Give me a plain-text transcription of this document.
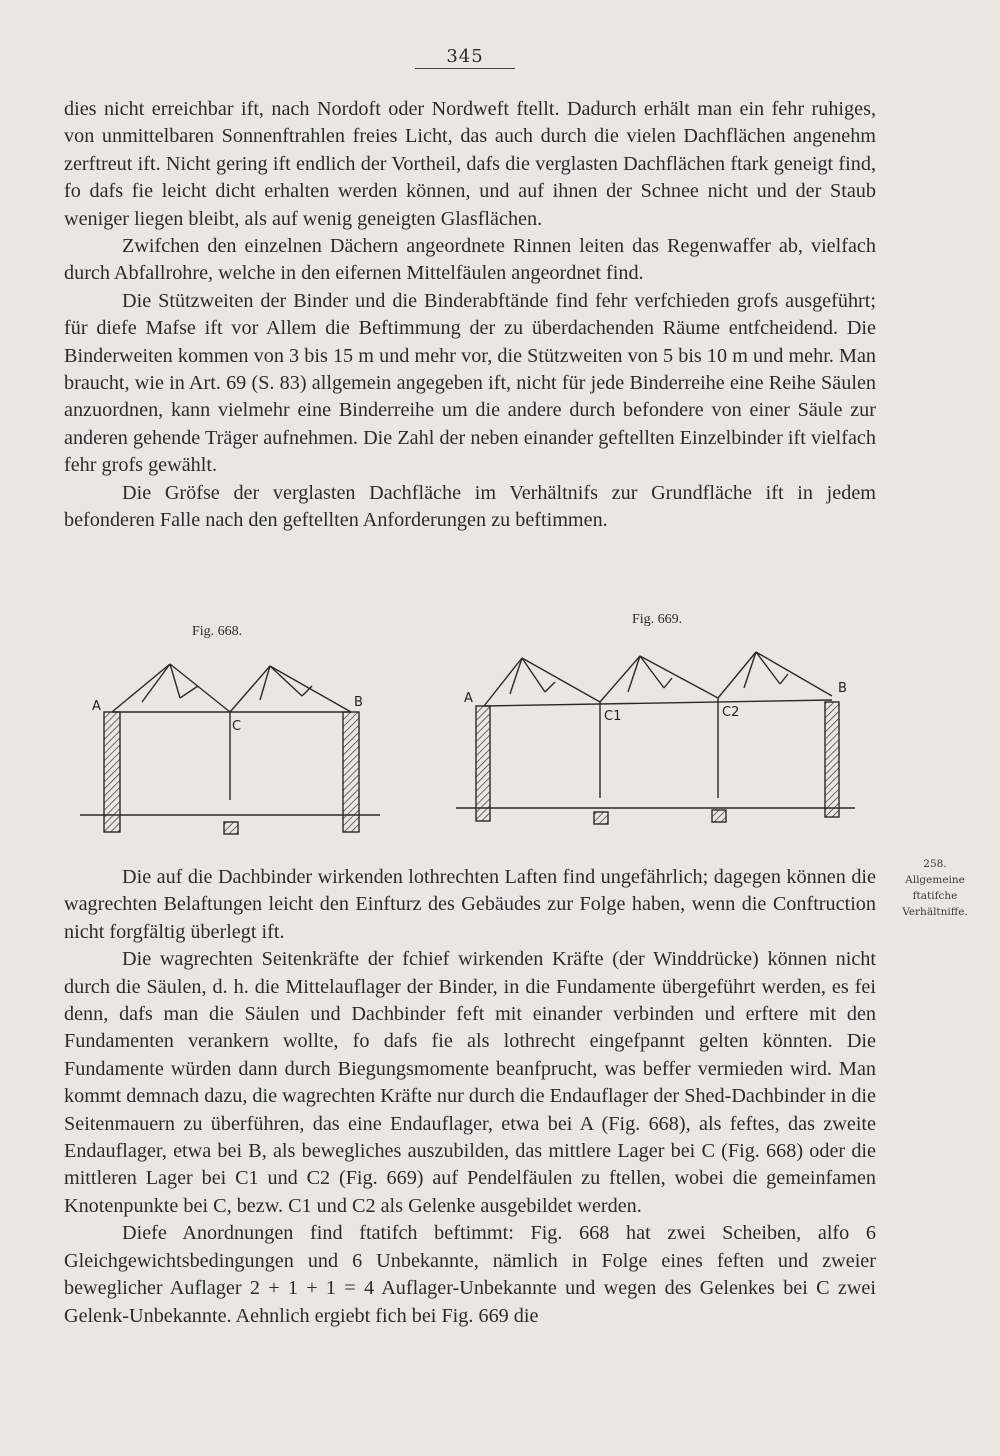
345

dies nicht erreichbar ift, nach Nordoft oder Nordweft ftellt. Dadurch erhält man ein fehr ruhiges, von unmittelbaren Sonnenftrahlen freies Licht, das auch durch die vielen Dachflächen angenehm zerftreut ift. Nicht gering ift endlich der Vortheil, dafs die verglasten Dachflächen ftark geneigt find, fo dafs fie leicht dicht erhalten werden können, und auf ihnen der Schnee nicht und der Staub weniger liegen bleibt, als auf wenig geneigten Glasflächen.

Zwifchen den einzelnen Dächern angeordnete Rinnen leiten das Regenwaffer ab, vielfach durch Abfallrohre, welche in den eifernen Mittelfäulen angeordnet find.

Die Stützweiten der Binder und die Binderabftände find fehr verfchieden grofs ausgeführt; für diefe Mafse ift vor Allem die Beftimmung der zu überdachenden Räume entfcheidend. Die Binderweiten kommen von 3 bis 15 m und mehr vor, die Stützweiten von 5 bis 10 m und mehr. Man braucht, wie in Art. 69 (S. 83) allgemein angegeben ift, nicht für jede Binderreihe eine Reihe Säulen anzuordnen, kann vielmehr eine Binderreihe um die andere durch befondere von einer Säule zur anderen gehende Träger aufnehmen. Die Zahl der neben einander geftellten Einzelbinder ift vielfach fehr grofs gewählt.

Die Gröfse der verglasten Dachfläche im Verhältnifs zur Grundfläche ift in jedem befonderen Falle nach den geftellten Anforderungen zu beftimmen.

Fig. 668.
Fig. 669.
A	B
C
A
B
C1	C2
258.
Allgemeine
ftatifche
Verhältniffe.

Die auf die Dachbinder wirkenden lothrechten Laften find ungefährlich; dagegen können die wagrechten Belaftungen leicht den Einfturz des Gebäudes zur Folge haben, wenn die Conftruction nicht forgfältig überlegt ift.

Die wagrechten Seitenkräfte der fchief wirkenden Kräfte (der Winddrücke) können nicht durch die Säulen, d. h. die Mittelauflager der Binder, in die Fundamente übergeführt werden, es fei denn, dafs man die Säulen und Dachbinder feft mit einander verbinden und erftere mit den Fundamenten verankern wollte, fo dafs fie als lothrecht eingefpannt gelten könnten. Die Fundamente würden dann durch Biegungsmomente beanfprucht, was beffer vermieden wird. Man kommt demnach dazu, die wagrechten Kräfte nur durch die Endauflager der Shed-Dachbinder in die Seitenmauern zu überführen, das eine Endauflager, etwa bei A (Fig. 668), als feftes, das zweite Endauflager, etwa bei B, als bewegliches auszubilden, das mittlere Lager bei C (Fig. 668) oder die mittleren Lager bei C1 und C2 (Fig. 669) auf Pendelfäulen zu ftellen, wobei die gemeinfamen Knotenpunkte bei C, bezw. C1 und C2 als Gelenke ausgebildet werden.

Diefe Anordnungen find ftatifch beftimmt: Fig. 668 hat zwei Scheiben, alfo 6 Gleichgewichtsbedingungen und 6 Unbekannte, nämlich in Folge eines feften und zweier beweglicher Auflager 2 + 1 + 1 = 4 Auflager-Unbekannte und wegen des Gelenkes bei C zwei Gelenk-Unbekannte. Aehnlich ergiebt fich bei Fig. 669 die
